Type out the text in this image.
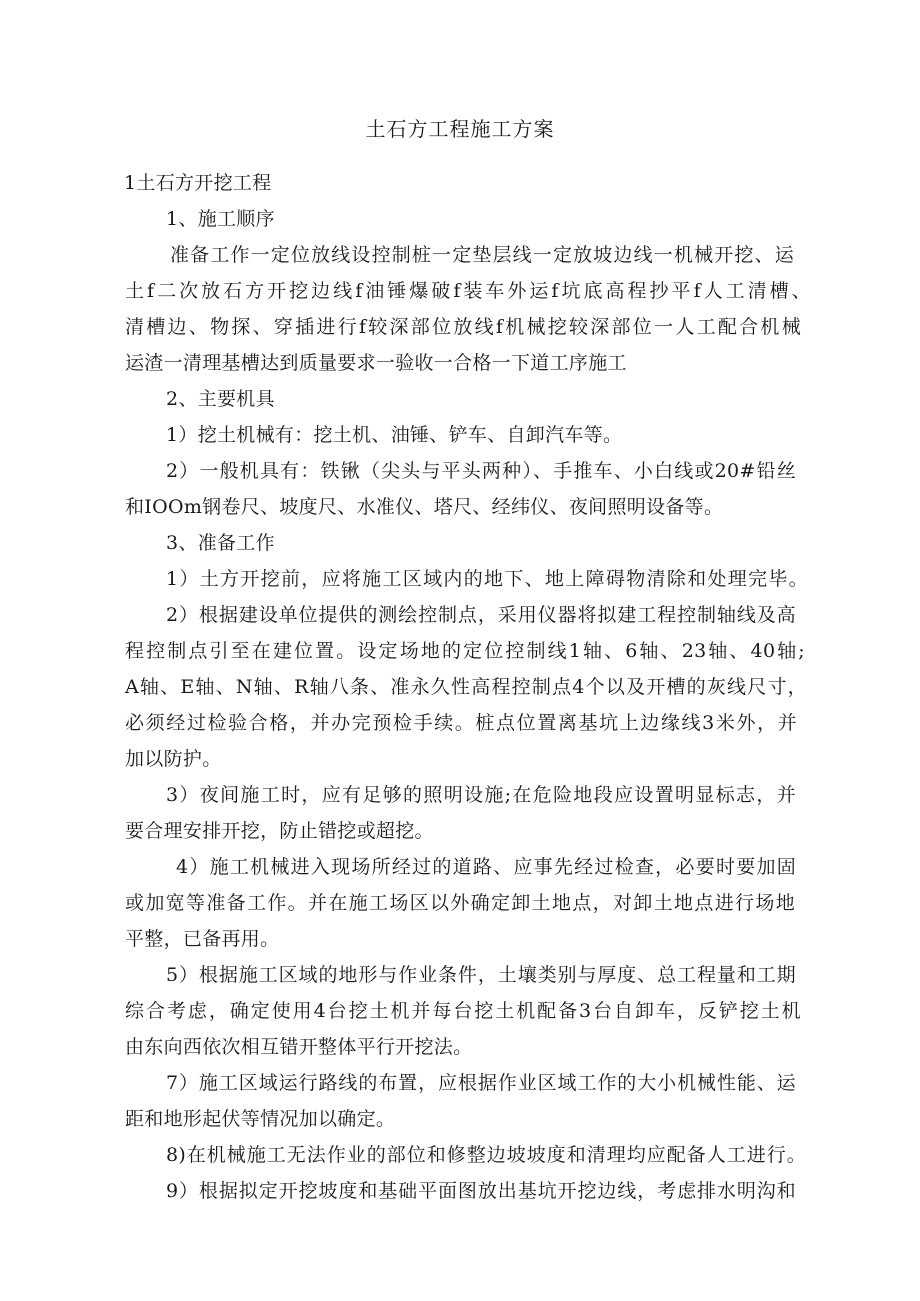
土石方工程施工方案
1土石方开挖工程
1、施工顺序
准备工作一定位放线设控制桩一定垫层线一定放坡边线一机械开挖、运
土f二次放石方开挖边线f油锤爆破f装车外运f坑底高程抄平f人工清槽、
清槽边、物探、穿插进行f较深部位放线f机械挖较深部位一人工配合机械
运渣一清理基槽达到质量要求一验收一合格一下道工序施工
2、主要机具
1）挖土机械有：挖土机、油锤、铲车、自卸汽车等。
2）一般机具有：铁锹（尖头与平头两种）、手推车、小白线或20#铅丝
和IOOm钢卷尺、坡度尺、水准仪、塔尺、经纬仪、夜间照明设备等。
3、准备工作
1）土方开挖前，应将施工区域内的地下、地上障碍物清除和处理完毕。
2）根据建设单位提供的测绘控制点，采用仪器将拟建工程控制轴线及高
程控制点引至在建位置。设定场地的定位控制线1轴、6轴、23轴、40轴;
A轴、E轴、N轴、R轴八条、准永久性高程控制点4个以及开槽的灰线尺寸，
必须经过检验合格，并办完预检手续。桩点位置离基坑上边缘线3米外，并
加以防护。
3）夜间施工时，应有足够的照明设施;在危险地段应设置明显标志，并
要合理安排开挖，防止错挖或超挖。
4）施工机械进入现场所经过的道路、应事先经过检查，必要时要加固
或加宽等准备工作。并在施工场区以外确定卸土地点，对卸土地点进行场地
平整，已备再用。
5）根据施工区域的地形与作业条件，土壤类别与厚度、总工程量和工期
综合考虑，确定使用4台挖土机并每台挖土机配备3台自卸车，反铲挖土机
由东向西依次相互错开整体平行开挖法。
7）施工区域运行路线的布置，应根据作业区域工作的大小机械性能、运
距和地形起伏等情况加以确定。
8)在机械施工无法作业的部位和修整边坡坡度和清理均应配备人工进行。
9）根据拟定开挖坡度和基础平面图放出基坑开挖边线，考虑排水明沟和
